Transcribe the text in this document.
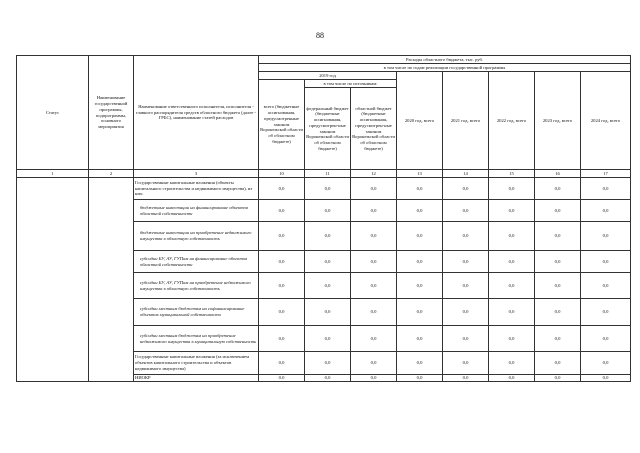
88
Статус	Наименование государственной программы, подпрограммы, основного мероприятия	Наименование ответственного исполнителя, исполнителя - главного распорядителя средств областного бюджета (далее - ГРБС), наименование статей расходов	Расходы областного бюджета, тыс. руб.							
			в том числе по годам реализации государственной программы							
			2019 год			2020 год, всего	2021 год, всего	2022 год, всего	2023 год, всего	2024 год, всего
			всего (бюджетные ассигнования, предусмотренные законом Воронежской области об областном бюджете)	в том числе по источникам:						
				федеральный бюджет (бюджетные ассигнования, предусмотрен-ные законом Воронежской области об областном бюджете)	областной бюджет (бюджетные ассигнования, предусмотрен-ные законом Воронежской области об областном бюджете)					
1	2	3	10	11	12	13	14	15	16	17
		Государственные капитальные вложения (объекты капитального строительства и недвижимого имущества), из них:	0,0	0,0	0,0	0,0	0,0	0,0	0,0	0,0
		бюджетные инвестиции на финансирование объектов областной собственности	0,0	0,0	0,0	0,0	0,0	0,0	0,0	0,0
		бюджетные инвестиции на приобретение недвижимого имущества в областную собственность	0,0	0,0	0,0	0,0	0,0	0,0	0,0	0,0
		субсидии БУ, АУ, ГУПам на финансирование объектов областной собственности	0,0	0,0	0,0	0,0	0,0	0,0	0,0	0,0
		субсидии БУ, АУ, ГУПам на приобретение недвижимого имущества в областную собственность	0,0	0,0	0,0	0,0	0,0	0,0	0,0	0,0
		субсидии местным бюджетам на софинансирование объектов муниципальной собственности	0,0	0,0	0,0	0,0	0,0	0,0	0,0	0,0
		субсидии местным бюджетам на приобретение недвижимого имущества в муниципальную собственность	0,0	0,0	0,0	0,0	0,0	0,0	0,0	0,0
		Государственные капитальные вложения (за исключением объектов капитального строительства и объектов недвижимого имущества)	0,0	0,0	0,0	0,0	0,0	0,0	0,0	0,0
		НИОКР	0,0	0,0	0,0	0,0	0,0	0,0	0,0	0,0
